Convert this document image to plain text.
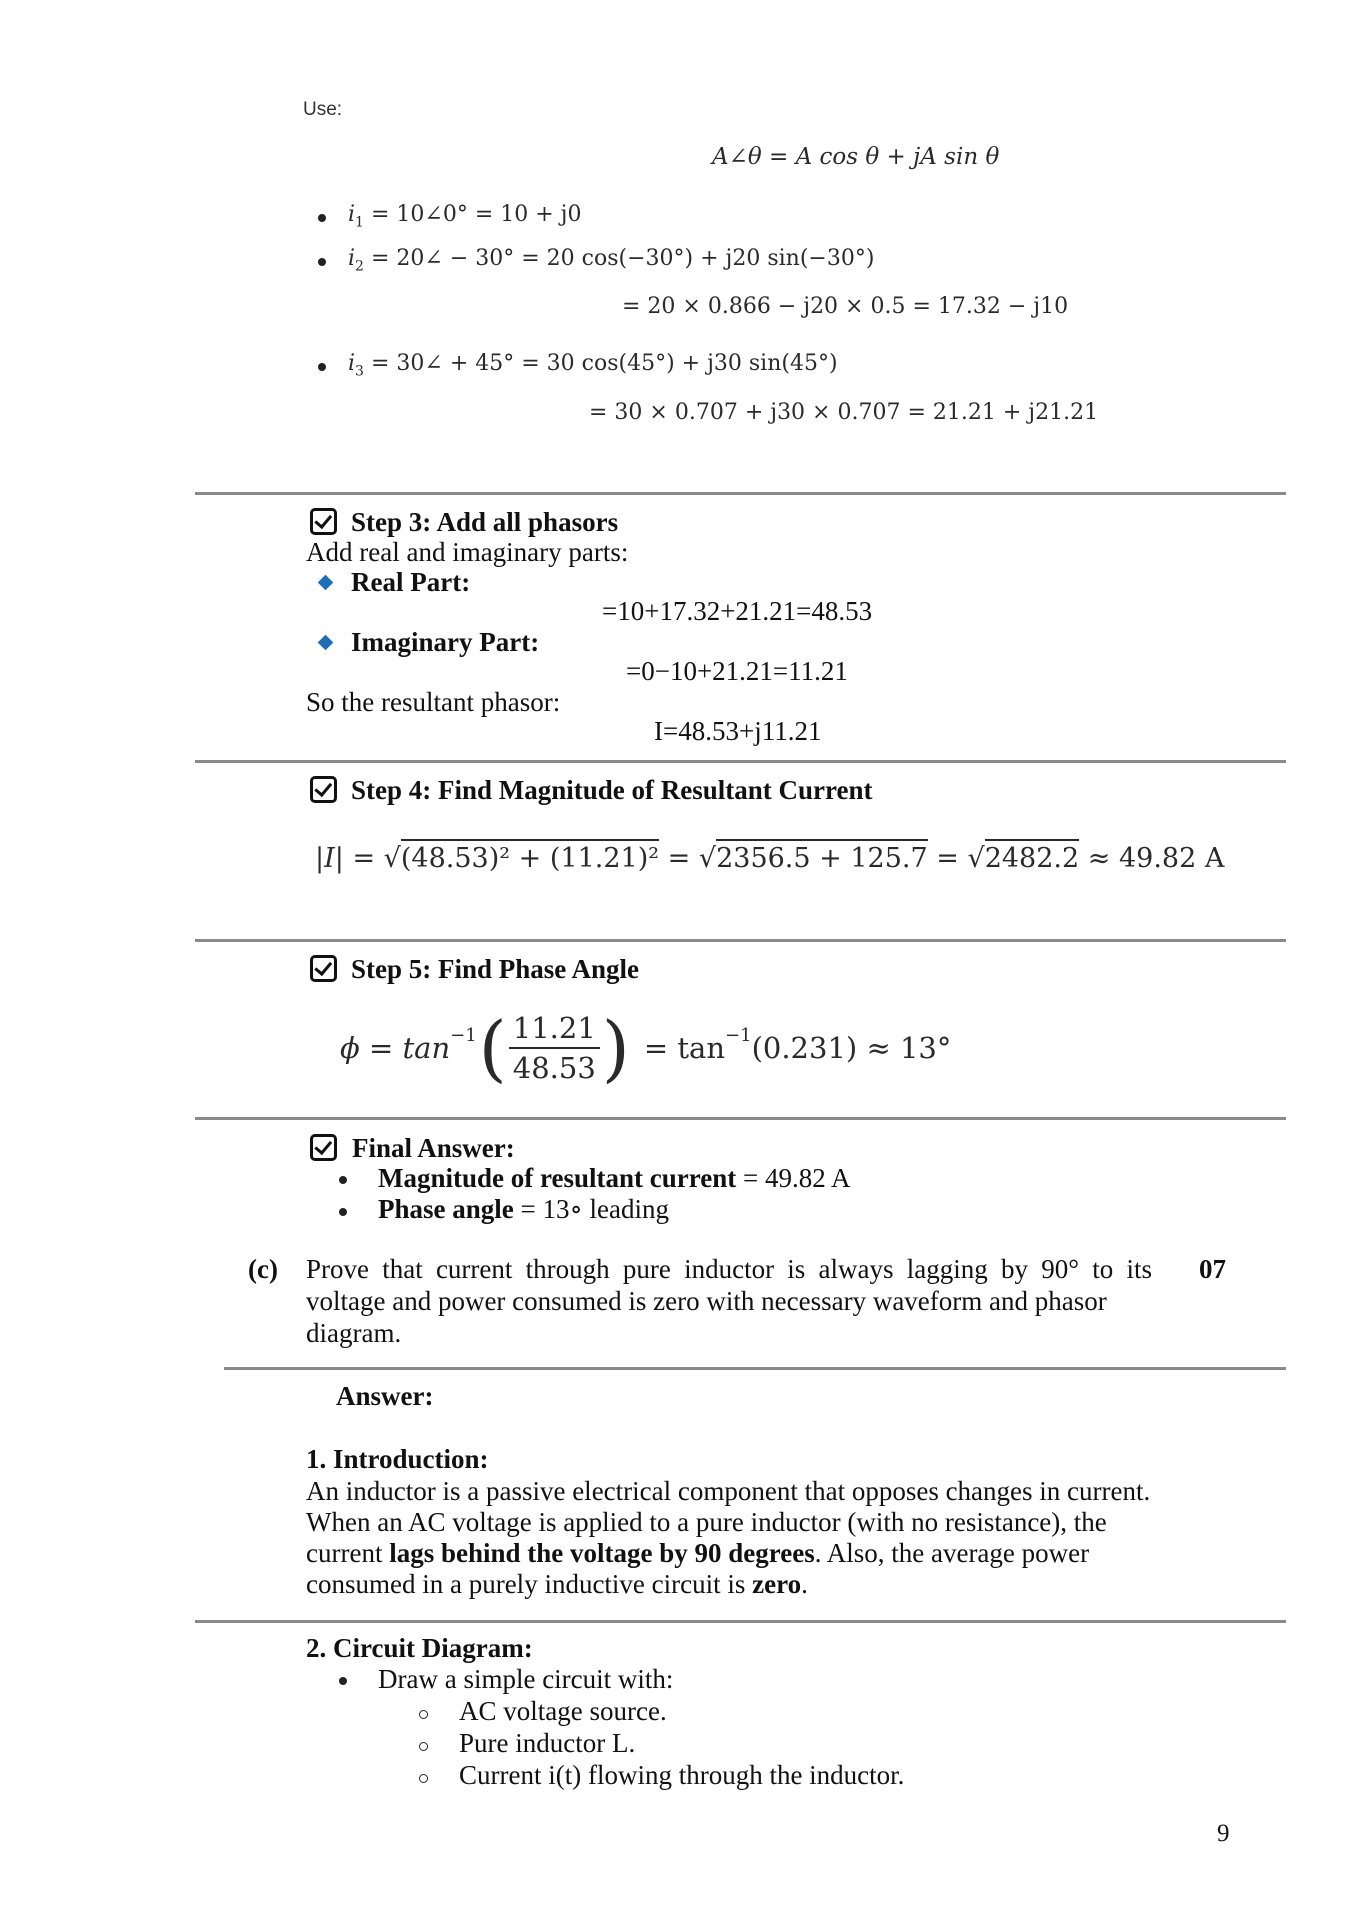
Use:
A∠θ = A cos θ + jA sin θ
$i_1$ = 10∠0° = 10 + j0
$i_2$ = 20∠ − 30° = 20 cos(−30°) + j20 sin(−30°)
= 20 × 0.866 − j20 × 0.5 = 17.32 − j10
$i_3$ = 30∠ + 45° = 30 cos(45°) + j30 sin(45°)
= 30 × 0.707 + j30 × 0.707 = 21.21 + j21.21
Step 3: Add all phasors
Add real and imaginary parts:
Real Part:
=10+17.32+21.21=48.53
Imaginary Part:
=0−10+21.21=11.21
So the resultant phasor:
I=48.53+j11.21
Step 4: Find Magnitude of Resultant Current
|I| = √(48.53)² + (11.21)² = √2356.5 + 125.7 = √2482.2 ≈ 49.82 A
Step 5: Find Phase Angle
$\phi = \tan^{-1}$ ( $\frac{11.21}{48.53}$ ) = $\tan^{-1} (0.231) \approx 13^\circ$
Final Answer:
Magnitude of resultant current = 49.82 A
Phase angle = 13∘ leading
(c) Prove that current through pure inductor is always lagging by 90° to its
voltage and power consumed is zero with necessary waveform and phasor
diagram.
07
Answer:
1. Introduction:
An inductor is a passive electrical component that opposes changes in current.
When an AC voltage is applied to a pure inductor (with no resistance), the
current lags behind the voltage by 90 degrees. Also, the average power
consumed in a purely inductive circuit is zero.
2. Circuit Diagram:
Draw a simple circuit with:
AC voltage source.
Pure inductor L.
Current i(t) flowing through the inductor.
9
